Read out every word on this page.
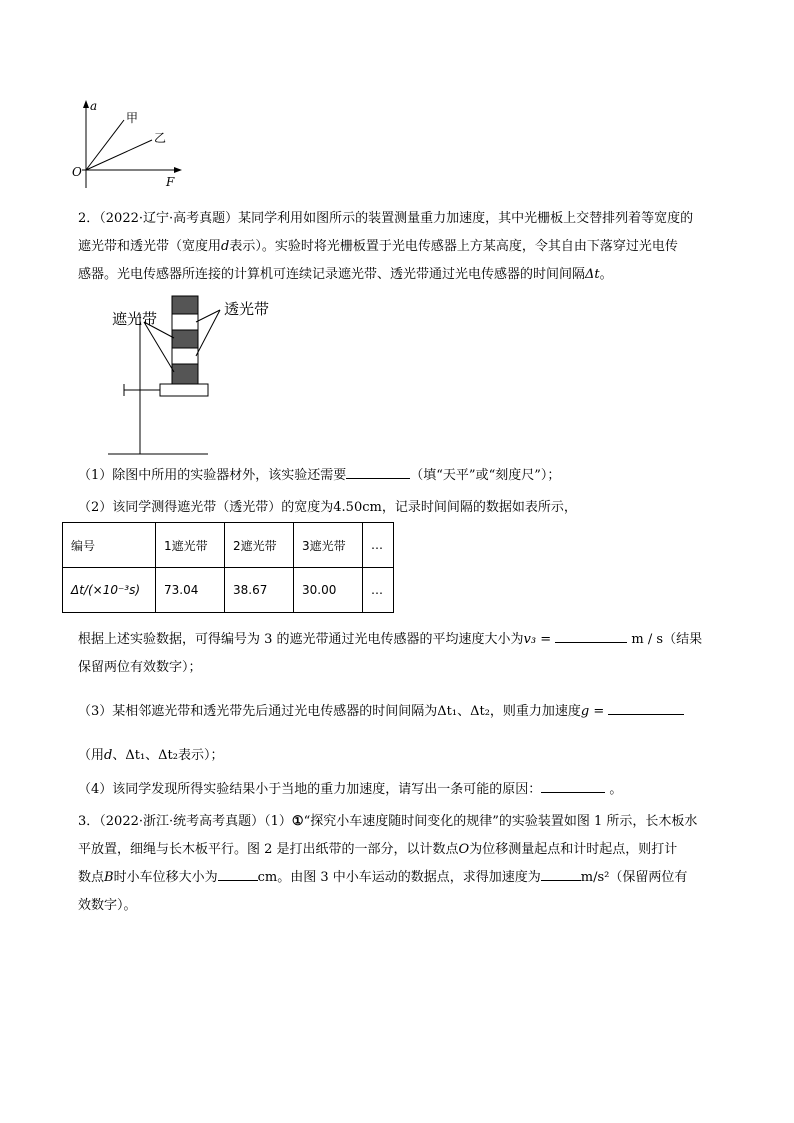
a
F
O
甲
乙

2．（2022·辽宁·高考真题）某同学利用如图所示的装置测量重力加速度，其中光栅板上交替排列着等宽度的

遮光带和透光带（宽度用d表示）。实验时将光栅板置于光电传感器上方某高度，令其自由下落穿过光电传

感器。光电传感器所连接的计算机可连续记录遮光带、透光带通过光电传感器的时间间隔Δt。

遮光带
透光带

（1）除图中所用的实验器材外，该实验还需要	（填“天平”或“刻度尺”）；

（2）该同学测得遮光带（透光带）的宽度为4.50cm，记录时间间隔的数据如表所示，

编号	1遮光带	2遮光带	3遮光带	…
Δt/(×10⁻³s)	73.04	38.67	30.00	…

根据上述实验数据，可得编号为 3 的遮光带通过光电传感器的平均速度大小为v₃ =	m / s（结果

保留两位有效数字）；

（3）某相邻遮光带和透光带先后通过光电传感器的时间间隔为Δt₁、Δt₂，则重力加速度g =

（用d、Δt₁、Δt₂表示）；

（4）该同学发现所得实验结果小于当地的重力加速度，请写出一条可能的原因：	。

3．（2022·浙江·统考高考真题）（1）①“探究小车速度随时间变化的规律”的实验装置如图 1 所示，长木板水

平放置，细绳与长木板平行。图 2 是打出纸带的一部分，以计数点O为位移测量起点和计时起点，则打计

数点B时小车位移大小为	cm。由图 3 中小车运动的数据点，求得加速度为	m/s²（保留两位有

效数字）。
